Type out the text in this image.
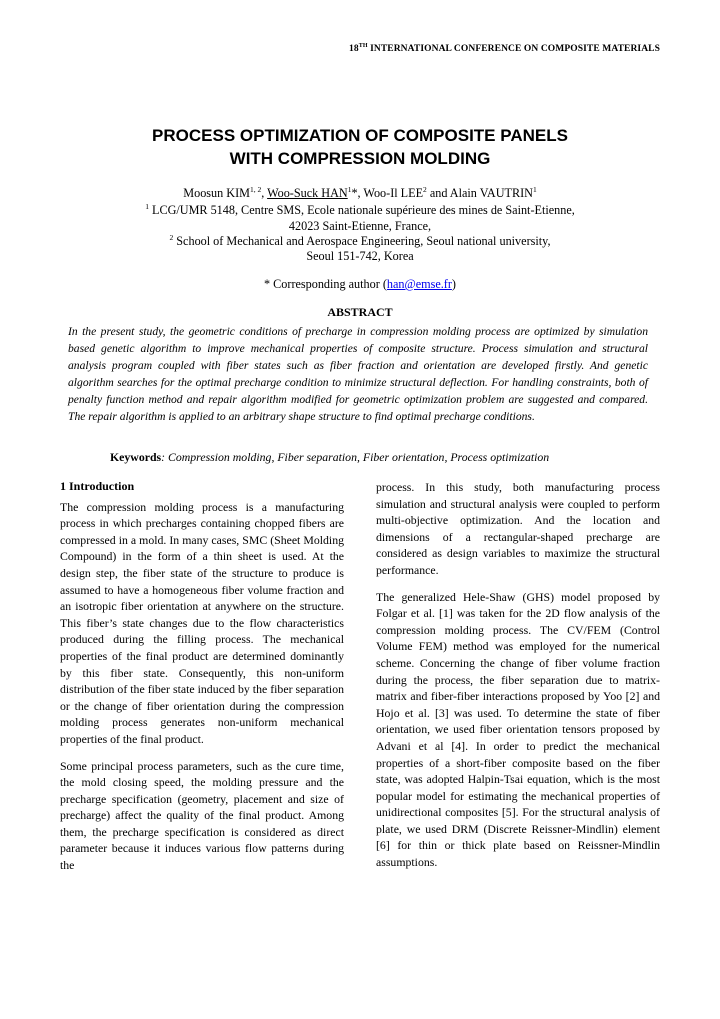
18TH INTERNATIONAL CONFERENCE ON COMPOSITE MATERIALS
PROCESS OPTIMIZATION OF COMPOSITE PANELS
WITH COMPRESSION MOLDING
Moosun KIM$^{1, 2}$, Woo-Suck HAN$^1$*, Woo-Il LEE$^2$ and Alain VAUTRIN$^1$
$^1$ LCG/UMR 5148, Centre SMS, Ecole nationale supérieure des mines de Saint-Etienne,
42023 Saint-Etienne, France,
$^2$ School of Mechanical and Aerospace Engineering, Seoul national university,
Seoul 151-742, Korea
* Corresponding author (han@emse.fr)
ABSTRACT
In the present study, the geometric conditions of precharge in compression molding process are optimized by simulation based genetic algorithm to improve mechanical properties of composite structure. Process simulation and structural analysis program coupled with fiber states such as fiber fraction and orientation are developed firstly. And genetic algorithm searches for the optimal precharge condition to minimize structural deflection. For handling constraints, both of penalty function method and repair algorithm modified for geometric optimization problem are suggested and compared. The repair algorithm is applied to an arbitrary shape structure to find optimal precharge conditions.
Keywords: Compression molding, Fiber separation, Fiber orientation, Process optimization
1 Introduction

The compression molding process is a manufacturing process in which precharges containing chopped fibers are compressed in a mold. In many cases, SMC (Sheet Molding Compound) in the form of a thin sheet is used. At the design step, the fiber state of the structure to produce is assumed to have a homogeneous fiber volume fraction and an isotropic fiber orientation at anywhere on the structure. This fiber’s state changes due to the flow characteristics produced during the filling process. The mechanical properties of the final product are determined dominantly by this fiber state. Consequently, this non-uniform distribution of the fiber state induced by the fiber separation or the change of fiber orientation during the compression molding process generates non-uniform mechanical properties of the final product.

Some principal process parameters, such as the cure time, the mold closing speed, the molding pressure and the precharge specification (geometry, placement and size of precharge) affect the quality of the final product. Among them, the precharge specification is considered as direct parameter because it induces various flow patterns during the

process. In this study, both manufacturing process simulation and structural analysis were coupled to perform multi-objective optimization. And the location and dimensions of a rectangular-shaped precharge are considered as design variables to maximize the structural performance.

The generalized Hele-Shaw (GHS) model proposed by Folgar et al. [1] was taken for the 2D flow analysis of the compression molding process. The CV/FEM (Control Volume FEM) method was employed for the numerical scheme. Concerning the change of fiber volume fraction during the process, the fiber separation due to matrix-matrix and fiber-fiber interactions proposed by Yoo [2] and Hojo et al. [3] was used. To determine the state of fiber orientation, we used fiber orientation tensors proposed by Advani et al [4]. In order to predict the mechanical properties of a short-fiber composite based on the fiber state, was adopted Halpin-Tsai equation, which is the most popular model for estimating the mechanical properties of unidirectional composites [5]. For the structural analysis of plate, we used DRM (Discrete Reissner-Mindlin) element [6] for thin or thick plate based on Reissner-Mindlin assumptions.
